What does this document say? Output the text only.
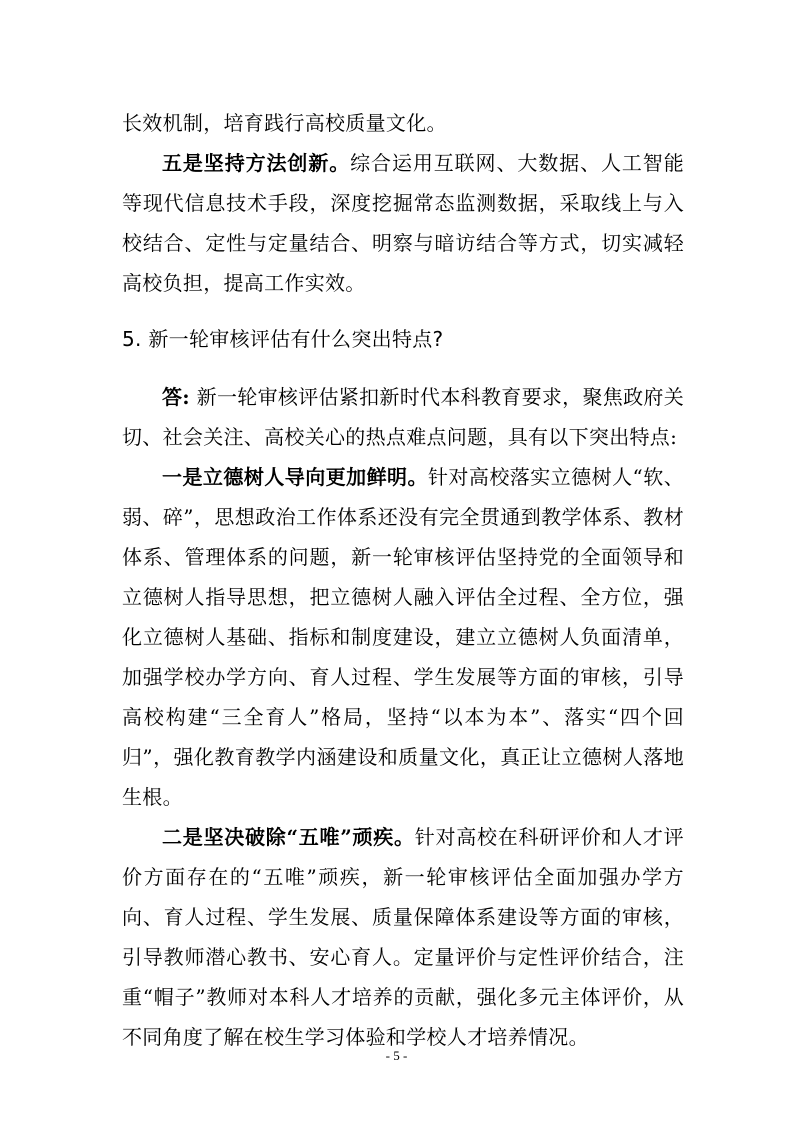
长效机制，培育践行高校质量文化。

五是坚持方法创新。综合运用互联网、大数据、人工智能等现代信息技术手段，深度挖掘常态监测数据，采取线上与入校结合、定性与定量结合、明察与暗访结合等方式，切实减轻高校负担，提高工作实效。

5. 新一轮审核评估有什么突出特点?

答: 新一轮审核评估紧扣新时代本科教育要求，聚焦政府关切、社会关注、高校关心的热点难点问题，具有以下突出特点:

一是立德树人导向更加鲜明。针对高校落实立德树人“软、弱、碎”，思想政治工作体系还没有完全贯通到教学体系、教材体系、管理体系的问题，新一轮审核评估坚持党的全面领导和立德树人指导思想，把立德树人融入评估全过程、全方位，强化立德树人基础、指标和制度建设，建立立德树人负面清单，加强学校办学方向、育人过程、学生发展等方面的审核，引导高校构建“三全育人”格局，坚持“以本为本”、落实“四个回归”，强化教育教学内涵建设和质量文化，真正让立德树人落地生根。

二是坚决破除“五唯”顽疾。针对高校在科研评价和人才评价方面存在的“五唯”顽疾，新一轮审核评估全面加强办学方向、育人过程、学生发展、质量保障体系建设等方面的审核，引导教师潜心教书、安心育人。定量评价与定性评价结合，注重“帽子”教师对本科人才培养的贡献，强化多元主体评价，从不同角度了解在校生学习体验和学校人才培养情况。

- 5 -
